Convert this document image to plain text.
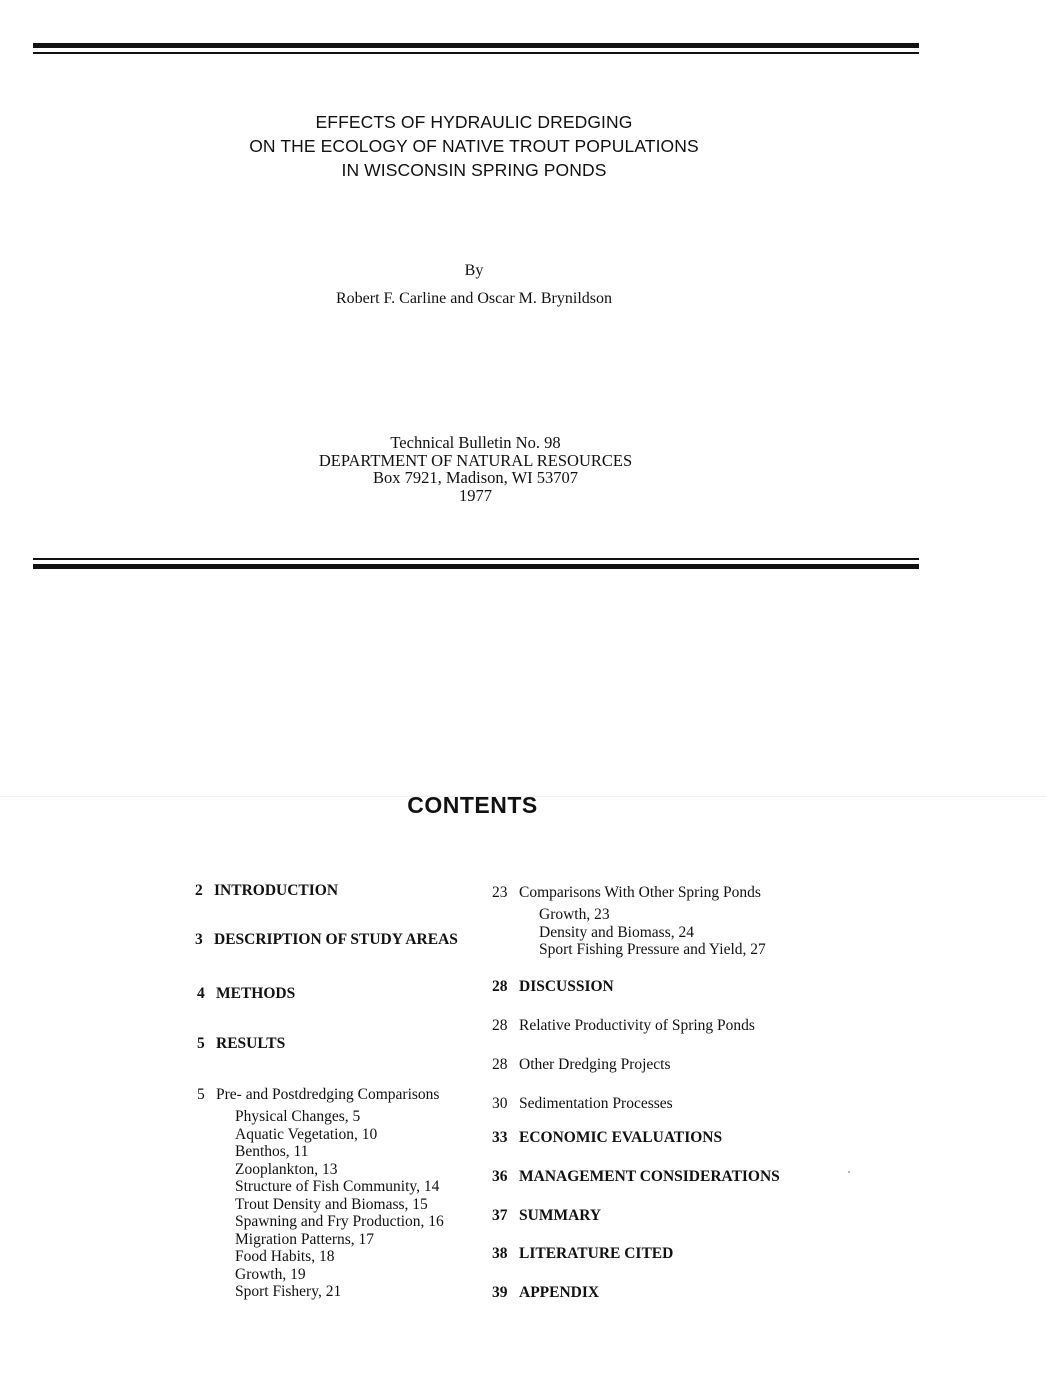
EFFECTS OF HYDRAULIC DREDGING
ON THE ECOLOGY OF NATIVE TROUT POPULATIONS
IN WISCONSIN SPRING PONDS
By
Robert F. Carline and Oscar M. Brynildson
Technical Bulletin No. 98
DEPARTMENT OF NATURAL RESOURCES
Box 7921, Madison, WI 53707
1977
CONTENTS
2 INTRODUCTION
3 DESCRIPTION OF STUDY AREAS
4 METHODS
5 RESULTS
5 Pre- and Postdredging Comparisons
Physical Changes, 5
Aquatic Vegetation, 10
Benthos, 11
Zooplankton, 13
Structure of Fish Community, 14
Trout Density and Biomass, 15
Spawning and Fry Production, 16
Migration Patterns, 17
Food Habits, 18
Growth, 19
Sport Fishery, 21
23 Comparisons With Other Spring Ponds
Growth, 23
Density and Biomass, 24
Sport Fishing Pressure and Yield, 27
28 DISCUSSION
28 Relative Productivity of Spring Ponds
28 Other Dredging Projects
30 Sedimentation Processes
33 ECONOMIC EVALUATIONS
36 MANAGEMENT CONSIDERATIONS
37 SUMMARY
38 LITERATURE CITED
39 APPENDIX
